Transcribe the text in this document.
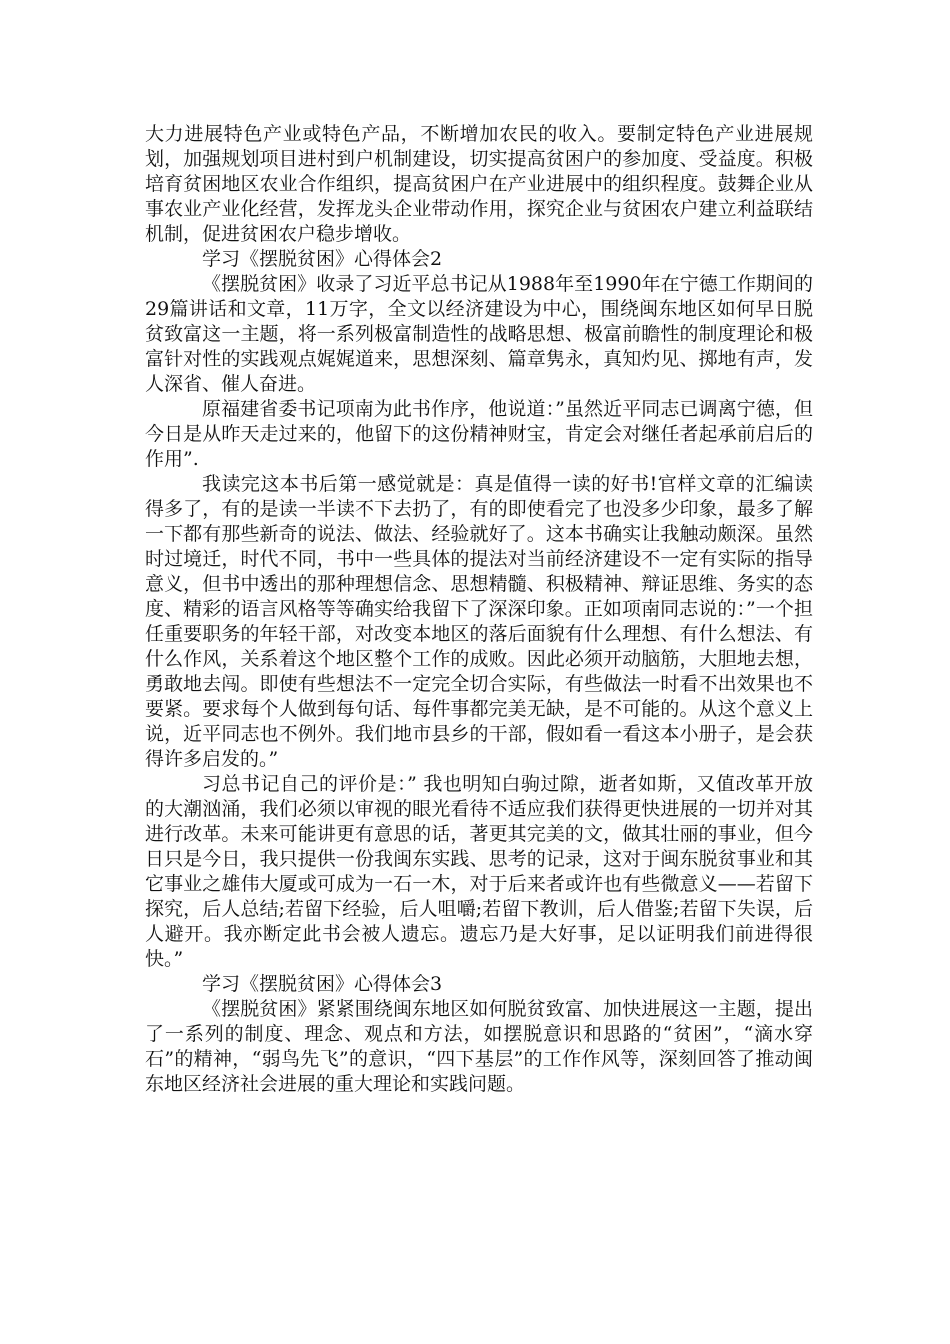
大力进展特色产业或特色产品，不断增加农民的收入。要制定特色产业进展规划，加强规划项目进村到户机制建设，切实提高贫困户的参加度、受益度。积极培育贫困地区农业合作组织，提高贫困户在产业进展中的组织程度。鼓舞企业从事农业产业化经营，发挥龙头企业带动作用，探究企业与贫困农户建立利益联结机制，促进贫困农户稳步增收。

学习《摆脱贫困》心得体会2

《摆脱贫困》收录了习近平总书记从1988年至1990年在宁德工作期间的29篇讲话和文章，11万字，全文以经济建设为中心，围绕闽东地区如何早日脱贫致富这一主题，将一系列极富制造性的战略思想、极富前瞻性的制度理论和极富针对性的实践观点娓娓道来，思想深刻、篇章隽永，真知灼见、掷地有声，发人深省、催人奋进。

原福建省委书记项南为此书作序，他说道：”虽然近平同志已调离宁德，但今日是从昨天走过来的，他留下的这份精神财宝，肯定会对继任者起承前启后的作用”.

我读完这本书后第一感觉就是：真是值得一读的好书!官样文章的汇编读得多了，有的是读一半读不下去扔了，有的即使看完了也没多少印象，最多了解一下都有那些新奇的说法、做法、经验就好了。这本书确实让我触动颇深。虽然时过境迁，时代不同，书中一些具体的提法对当前经济建设不一定有实际的指导意义，但书中透出的那种理想信念、思想精髓、积极精神、辩证思维、务实的态度、精彩的语言风格等等确实给我留下了深深印象。正如项南同志说的：”一个担任重要职务的年轻干部，对改变本地区的落后面貌有什么理想、有什么想法、有什么作风，关系着这个地区整个工作的成败。因此必须开动脑筋，大胆地去想，勇敢地去闯。即使有些想法不一定完全切合实际，有些做法一时看不出效果也不要紧。要求每个人做到每句话、每件事都完美无缺，是不可能的。从这个意义上说，近平同志也不例外。我们地市县乡的干部，假如看一看这本小册子，是会获得许多启发的。”

习总书记自己的评价是：” 我也明知白驹过隙，逝者如斯，又值改革开放的大潮汹涌，我们必须以审视的眼光看待不适应我们获得更快进展的一切并对其进行改革。未来可能讲更有意思的话，著更其完美的文，做其壮丽的事业，但今日只是今日，我只提供一份我闽东实践、思考的记录，这对于闽东脱贫事业和其它事业之雄伟大厦或可成为一石一木，对于后来者或许也有些微意义——若留下探究，后人总结;若留下经验，后人咀嚼;若留下教训，后人借鉴;若留下失误，后人避开。我亦断定此书会被人遗忘。遗忘乃是大好事，足以证明我们前进得很快。”

学习《摆脱贫困》心得体会3

《摆脱贫困》紧紧围绕闽东地区如何脱贫致富、加快进展这一主题，提出了一系列的制度、理念、观点和方法，如摆脱意识和思路的“贫困”，“滴水穿石”的精神，“弱鸟先飞”的意识，“四下基层”的工作作风等，深刻回答了推动闽东地区经济社会进展的重大理论和实践问题。
